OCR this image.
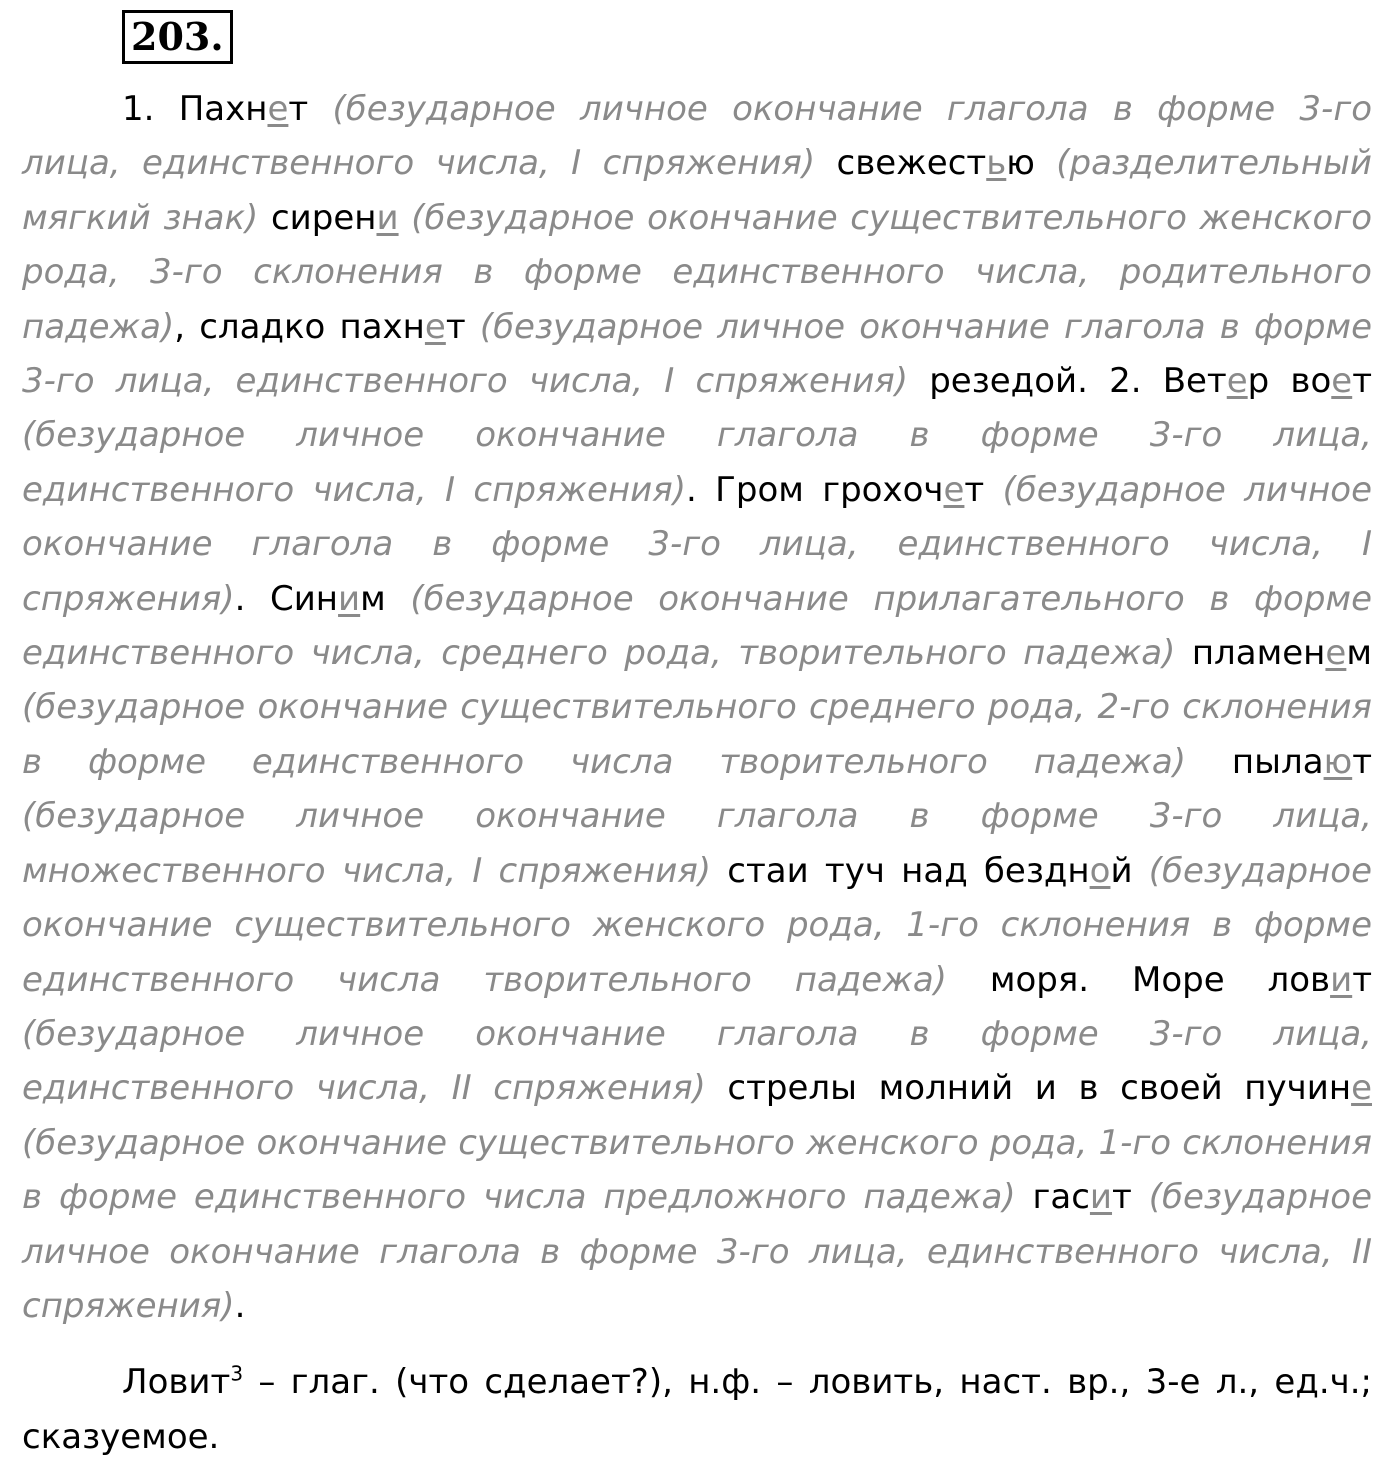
203.

1. Пахнет (безударное личное окончание глагола в форме 3-го лица, единственного числа, I спряжения) свежестью (разделительный мягкий знак) сирени (безударное окончание существительного женского рода, 3-го склонения в форме единственного числа, родительного падежа), сладко пахнет (безударное личное окончание глагола в форме 3-го лица, единственного числа, I спряжения) резедой. 2. Ветер воет (безударное личное окончание глагола в форме 3-го лица, единственного числа, I спряжения). Гром грохочет (безударное личное окончание глагола в форме 3-го лица, единственного числа, I спряжения). Синим (безударное окончание прилагательного в форме единственного числа, среднего рода, творительного падежа) пламенем (безударное окончание существительного среднего рода, 2-го склонения в форме единственного числа творительного падежа) пылают (безударное личное окончание глагола в форме 3-го лица, множественного числа, I спряжения) стаи туч над бездной (безударное окончание существительного женского рода, 1-го склонения в форме единственного числа творительного падежа) моря. Море ловит (безударное личное окончание глагола в форме 3-го лица, единственного числа, II спряжения) стрелы молний и в своей пучине (безударное окончание существительного женского рода, 1-го склонения в форме единственного числа предложного падежа) гасит (безударное личное окончание глагола в форме 3-го лица, единственного числа, II спряжения).

Ловит$^3$ – глаг. (что сделает?), н.ф. – ловить, наст. вр., 3-е л., ед.ч.; сказуемое.
